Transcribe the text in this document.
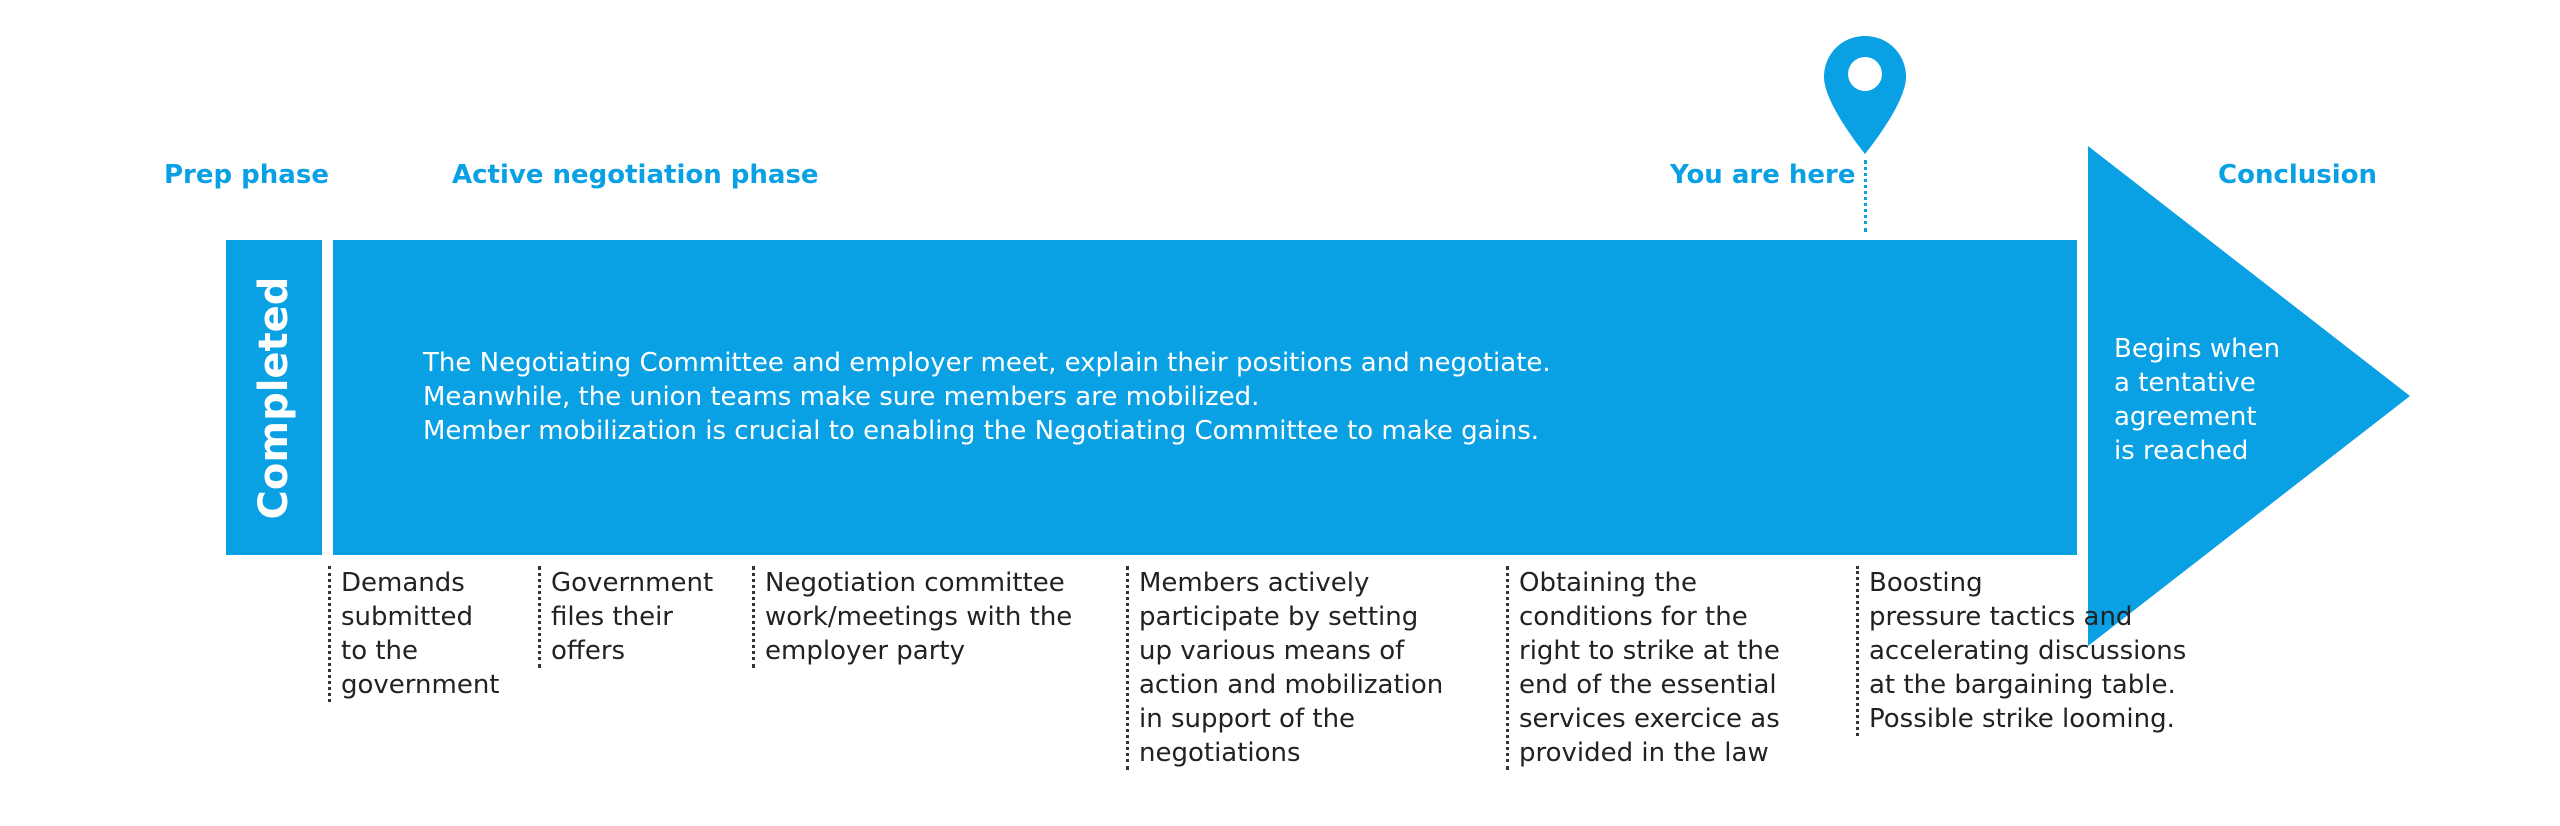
Prep phase	Active negotiation phase	You are here	Conclusion
Completed	The Negotiating Committee and employer meet, explain their positions and negotiate.
Meanwhile, the union teams make sure members are mobilized.
Member mobilization is crucial to enabling the Negotiating Committee to make gains.
Begins when
a tentative
agreement
is reached
Demands
submitted
to the
government
Government
files their
offers
Negotiation committee
work/meetings with the
employer party
Members actively
participate by setting
up various means of
action and mobilization
in support of the
negotiations
Obtaining the
conditions for the
right to strike at the
end of the essential
services exercice as
provided in the law
Boosting
pressure tactics and
accelerating discussions
at the bargaining table.
Possible strike looming.
